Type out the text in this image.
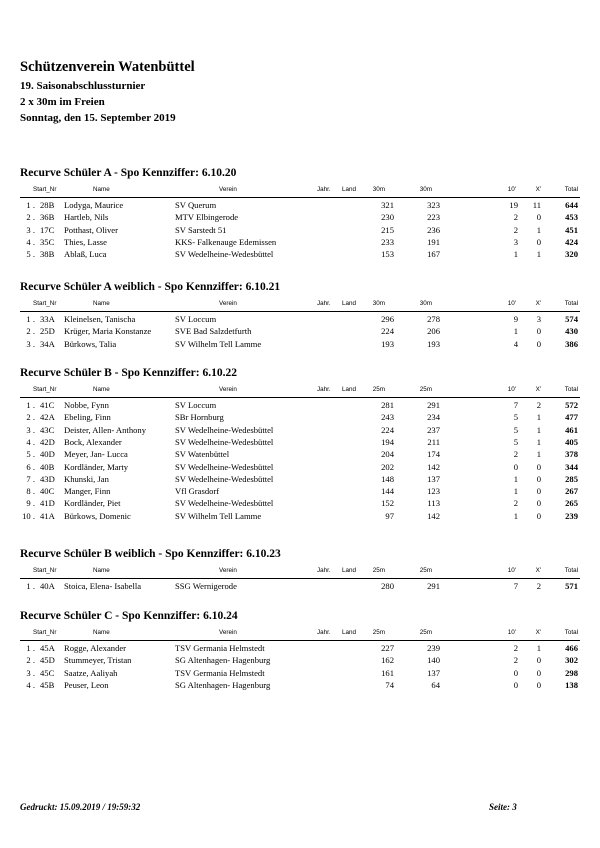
Schützenverein Watenbüttel
19. Saisonabschlussturnier
2 x 30m im Freien
Sonntag, den 15. September 2019
Recurve Schüler A - Spo Kennziffer: 6.10.20
Start_Nr	Name	Verein	Jahr. Land	30m	30m	10'	X'	Total
1 . 28B Lodyga, Maurice	SV Querum	321	323	19 11	644
2 . 36B Hartleb, Nils	MTV Elbingerode	230	223	2 0	453
3 . 17C Potthast, Oliver	SV Sarstedt 51	215	236	2 1	451
4 . 35C Thies, Lasse	KKS- Falkenauge Edemissen	233	191	3 0	424
5 . 38B Ablaß, Luca	SV Wedelheine-Wedesbüttel	153	167	1 1	320
Recurve Schüler A weiblich - Spo Kennziffer: 6.10.21
Start_Nr	Name	Verein	Jahr. Land	30m	30m	10'	X'	Total
1 . 33A Kleinelsen, Tanischa	SV Loccum	296	278	9 3	574
2 . 25D Krüger, Maria Konstanze	SVE Bad Salzdetfurth	224	206	1 0	430
3 . 34A Bürkows, Talia	SV Wilhelm Tell Lamme	193	193	4 0	386
Recurve Schüler B - Spo Kennziffer: 6.10.22
Start_Nr	Name	Verein	Jahr. Land	25m	25m	10'	X'	Total
1 . 41C Nobbe, Fynn	SV Loccum	281	291	7 2	572
2 . 42A Ebeling, Finn	SBr Hornburg	243	234	5 1	477
3 . 43C Deister, Allen- Anthony	SV Wedelheine-Wedesbüttel	224	237	5 1	461
4 . 42D Bock, Alexander	SV Wedelheine-Wedesbüttel	194	211	5 1	405
5 . 40D Meyer, Jan- Lucca	SV Watenbüttel	204	174	2 1	378
6 . 40B Kordländer, Marty	SV Wedelheine-Wedesbüttel	202	142	0 0	344
7 . 43D Khunski, Jan	SV Wedelheine-Wedesbüttel	148	137	1 0	285
8 . 40C Manger, Finn	Vfl Grasdorf	144	123	1 0	267
9 . 41D Kordländer, Piet	SV Wedelheine-Wedesbüttel	152	113	2 0	265
10 . 41A Bürkows, Domenic	SV Wilhelm Tell Lamme	97	142	1 0	239
Recurve Schüler B weiblich - Spo Kennziffer: 6.10.23
Start_Nr	Name	Verein	Jahr. Land	25m	25m	10'	X'	Total
1 . 40A Stoica, Elena- Isabella	SSG Wernigerode	280	291	7 2	571
Recurve Schüler C - Spo Kennziffer: 6.10.24
Start_Nr	Name	Verein	Jahr. Land	25m	25m	10'	X'	Total
1 . 45A Rogge, Alexander	TSV Germania Helmstedt	227	239	2 1	466
2 . 45D Stummeyer, Tristan	SG Altenhagen- Hagenburg	162	140	2 0	302
3 . 45C Saatze, Aaliyah	TSV Germania Helmstedt	161	137	0 0	298
4 . 45B Peuser, Leon	SG Altenhagen- Hagenburg	74	64	0 0	138
Gedruckt: 15.09.2019 / 19:59:32	Seite: 3
